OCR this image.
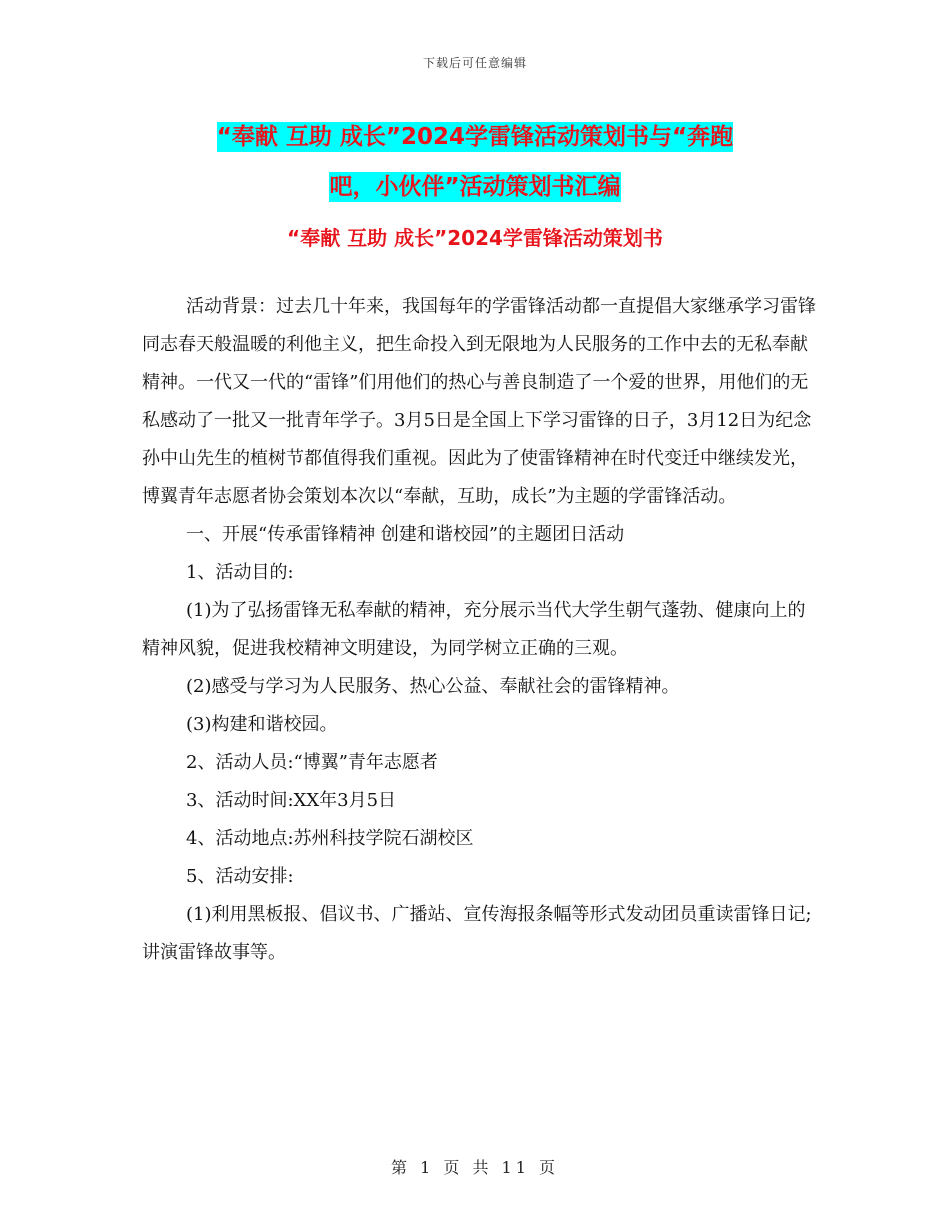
下载后可任意编辑
“奉献 互助 成长”2024学雷锋活动策划书与“奔跑
吧，小伙伴”活动策划书汇编
“奉献 互助 成长”2024学雷锋活动策划书

活动背景：过去几十年来，我国每年的学雷锋活动都一直提倡大家继承学习雷锋同志春天般温暖的利他主义，把生命投入到无限地为人民服务的工作中去的无私奉献精神。一代又一代的“雷锋”们用他们的热心与善良制造了一个爱的世界，用他们的无私感动了一批又一批青年学子。3月5日是全国上下学习雷锋的日子，3月12日为纪念孙中山先生的植树节都值得我们重视。因此为了使雷锋精神在时代变迁中继续发光，博翼青年志愿者协会策划本次以“奉献，互助，成长”为主题的学雷锋活动。

一、开展“传承雷锋精神 创建和谐校园”的主题团日活动

1、活动目的:

(1)为了弘扬雷锋无私奉献的精神，充分展示当代大学生朝气蓬勃、健康向上的精神风貌，促进我校精神文明建设，为同学树立正确的三观。

(2)感受与学习为人民服务、热心公益、奉献社会的雷锋精神。

(3)构建和谐校园。

2、活动人员:“博翼”青年志愿者

3、活动时间:XX年3月5日

4、活动地点:苏州科技学院石湖校区

5、活动安排:

(1)利用黑板报、倡议书、广播站、宣传海报条幅等形式发动团员重读雷锋日记;讲演雷锋故事等。

第 1 页 共 11 页
